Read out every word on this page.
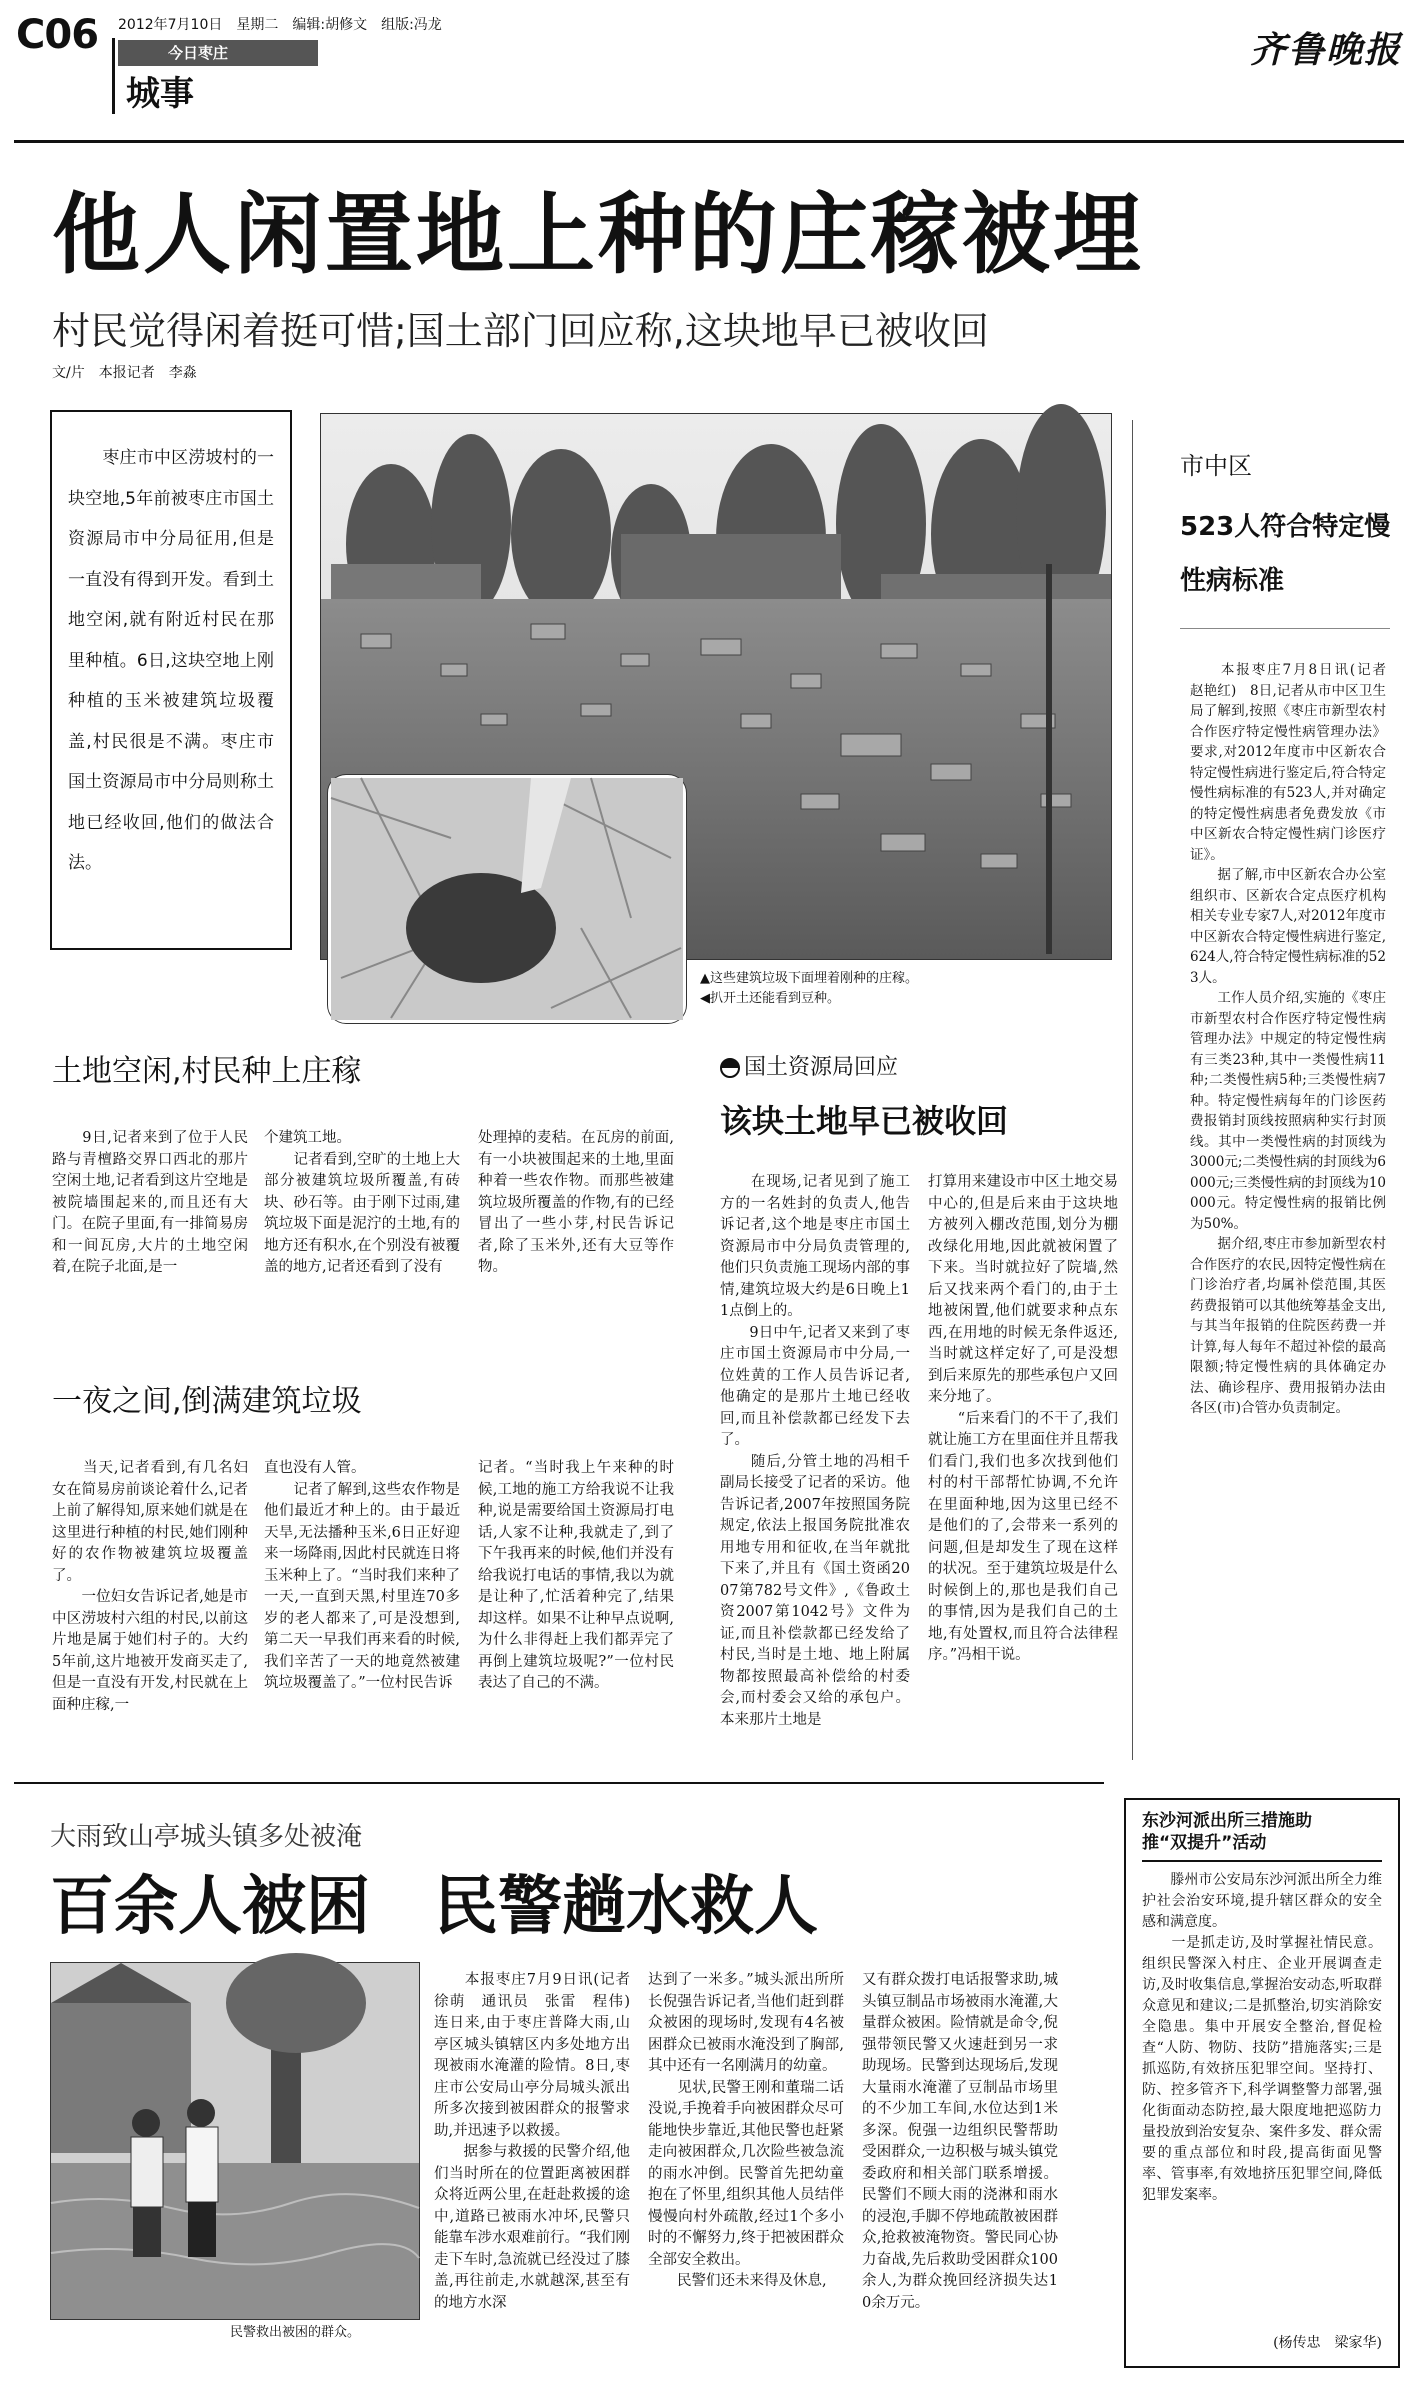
C06 2012年7月10日　星期二　编辑:胡修文　组版:冯龙
今日枣庄
城事
齐鲁晚报
他人闲置地上种的庄稼被埋
村民觉得闲着挺可惜;国土部门回应称,这块地早已被收回
文/片　本报记者　李淼
　　枣庄市中区涝坡村的一块空地,5年前被枣庄市国土资源局市中分局征用,但是一直没有得到开发。看到土地空闲,就有附近村民在那里种植。6日,这块空地上刚种植的玉米被建筑垃圾覆盖,村民很是不满。枣庄市国土资源局市中分局则称土地已经收回,他们的做法合法。
▲这些建筑垃圾下面埋着刚种的庄稼。
◀扒开土还能看到豆种。
土地空闲,村民种上庄稼
　　9日,记者来到了位于人民路与青檀路交界口西北的那片空闲土地,记者看到这片空地是被院墙围起来的,而且还有大门。在院子里面,有一排简易房和一间瓦房,大片的土地空闲着,在院子北面,是一
个建筑工地。
　　记者看到,空旷的土地上大部分被建筑垃圾所覆盖,有砖块、砂石等。由于刚下过雨,建筑垃圾下面是泥泞的土地,有的地方还有积水,在个别没有被覆盖的地方,记者还看到了没有
处理掉的麦秸。在瓦房的前面,有一小块被围起来的土地,里面种着一些农作物。而那些被建筑垃圾所覆盖的作物,有的已经冒出了一些小芽,村民告诉记者,除了玉米外,还有大豆等作物。
一夜之间,倒满建筑垃圾
　　当天,记者看到,有几名妇女在简易房前谈论着什么,记者上前了解得知,原来她们就是在这里进行种植的村民,她们刚种好的农作物被建筑垃圾覆盖了。
　　一位妇女告诉记者,她是市中区涝坡村六组的村民,以前这片地是属于她们村子的。大约5年前,这片地被开发商买走了,但是一直没有开发,村民就在上面种庄稼,一
直也没有人管。
　　记者了解到,这些农作物是他们最近才种上的。由于最近天旱,无法播种玉米,6日正好迎来一场降雨,因此村民就连日将玉米种上了。“当时我们来种了一天,一直到天黑,村里连70多岁的老人都来了,可是没想到,第二天一早我们再来看的时候,我们辛苦了一天的地竟然被建筑垃圾覆盖了。”一位村民告诉
记者。“当时我上午来种的时候,工地的施工方给我说不让我种,说是需要给国土资源局打电话,人家不让种,我就走了,到了下午我再来的时候,他们并没有给我说打电话的事情,我以为就是让种了,忙活着种完了,结果却这样。如果不让种早点说啊,为什么非得赶上我们都弄完了再倒上建筑垃圾呢?”一位村民表达了自己的不满。
国土资源局回应
该块土地早已被收回
　　在现场,记者见到了施工方的一名姓封的负责人,他告诉记者,这个地是枣庄市国土资源局市中分局负责管理的,他们只负责施工现场内部的事情,建筑垃圾大约是6日晚上11点倒上的。
　　9日中午,记者又来到了枣庄市国土资源局市中分局,一位姓黄的工作人员告诉记者,他确定的是那片土地已经收回,而且补偿款都已经发下去了。
　　随后,分管土地的冯相千副局长接受了记者的采访。他告诉记者,2007年按照国务院规定,依法上报国务院批准农用地专用和征收,在当年就批下来了,并且有《国土资函2007第782号文件》,《鲁政土资2007第1042号》文件为证,而且补偿款都已经发给了村民,当时是土地、地上附属物都按照最高补偿给的村委会,而村委会又给的承包户。本来那片土地是
打算用来建设市中区土地交易中心的,但是后来由于这块地方被列入棚改范围,划分为棚改绿化用地,因此就被闲置了下来。当时就拉好了院墙,然后又找来两个看门的,由于土地被闲置,他们就要求种点东西,在用地的时候无条件返还,当时就这样定好了,可是没想到后来原先的那些承包户又回来分地了。
　　“后来看门的不干了,我们就让施工方在里面住并且帮我们看门,我们也多次找到他们村的村干部帮忙协调,不允许在里面种地,因为这里已经不是他们的了,会带来一系列的问题,但是却发生了现在这样的状况。至于建筑垃圾是什么时候倒上的,那也是我们自己的事情,因为是我们自己的土地,有处置权,而且符合法律程序。”冯相干说。
市中区
523人符合特定慢性病标准
　　本报枣庄7月8日讯(记者　赵艳红)　8日,记者从市中区卫生局了解到,按照《枣庄市新型农村合作医疗特定慢性病管理办法》要求,对2012年度市中区新农合特定慢性病进行鉴定后,符合特定慢性病标准的有523人,并对确定的特定慢性病患者免费发放《市中区新农合特定慢性病门诊医疗证》。
　　据了解,市中区新农合办公室组织市、区新农合定点医疗机构相关专业专家7人,对2012年度市中区新农合特定慢性病进行鉴定,624人,符合特定慢性病标准的523人。
　　工作人员介绍,实施的《枣庄市新型农村合作医疗特定慢性病管理办法》中规定的特定慢性病有三类23种,其中一类慢性病11种;二类慢性病5种;三类慢性病7种。特定慢性病每年的门诊医药费报销封顶线按照病种实行封顶线。其中一类慢性病的封顶线为3000元;二类慢性病的封顶线为6000元;三类慢性病的封顶线为10000元。特定慢性病的报销比例为50%。
　　据介绍,枣庄市参加新型农村合作医疗的农民,因特定慢性病在门诊治疗者,均属补偿范围,其医药费报销可以其他统筹基金支出,与其当年报销的住院医药费一并计算,每人每年不超过补偿的最高限额;特定慢性病的具体确定办法、确诊程序、费用报销办法由各区(市)合管办负责制定。
大雨致山亭城头镇多处被淹
百余人被困　民警趟水救人
民警救出被困的群众。
　　本报枣庄7月9日讯(记者　徐萌　通讯员　张雷　程伟)　连日来,由于枣庄普降大雨,山亭区城头镇辖区内多处地方出现被雨水淹灌的险情。8日,枣庄市公安局山亭分局城头派出所多次接到被困群众的报警求助,并迅速予以救援。
　　据参与救援的民警介绍,他们当时所在的位置距离被困群众将近两公里,在赶赴救援的途中,道路已被雨水冲坏,民警只能靠车涉水艰难前行。“我们刚走下车时,急流就已经没过了膝盖,再往前走,水就越深,甚至有的地方水深
达到了一米多。”城头派出所所长倪强告诉记者,当他们赶到群众被困的现场时,发现有4名被困群众已被雨水淹没到了胸部,其中还有一名刚满月的幼童。
　　见状,民警王刚和董瑞二话没说,手挽着手向被困群众尽可能地快步靠近,其他民警也赶紧走向被困群众,几次险些被急流的雨水冲倒。民警首先把幼童抱在了怀里,组织其他人员结伴慢慢向村外疏散,经过1个多小时的不懈努力,终于把被困群众全部安全救出。
　　民警们还未来得及休息,
又有群众拨打电话报警求助,城头镇豆制品市场被雨水淹灌,大量群众被困。险情就是命令,倪强带领民警又火速赶到另一求助现场。民警到达现场后,发现大量雨水淹灌了豆制品市场里的不少加工车间,水位达到1米多深。倪强一边组织民警帮助受困群众,一边积极与城头镇党委政府和相关部门联系增援。民警们不顾大雨的浇淋和雨水的浸泡,手脚不停地疏散被困群众,抢救被淹物资。警民同心协力奋战,先后救助受困群众100余人,为群众挽回经济损失达10余万元。
东沙河派出所三措施助推“双提升”活动
　　滕州市公安局东沙河派出所全力维护社会治安环境,提升辖区群众的安全感和满意度。
　　一是抓走访,及时掌握社情民意。组织民警深入村庄、企业开展调查走访,及时收集信息,掌握治安动态,听取群众意见和建议;二是抓整治,切实消除安全隐患。集中开展安全整治,督促检查“人防、物防、技防”措施落实;三是抓巡防,有效挤压犯罪空间。坚持打、防、控多管齐下,科学调整警力部署,强化街面动态防控,最大限度地把巡防力量投放到治安复杂、案件多发、群众需要的重点部位和时段,提高街面见警率、管事率,有效地挤压犯罪空间,降低犯罪发案率。
(杨传忠　梁家华)
